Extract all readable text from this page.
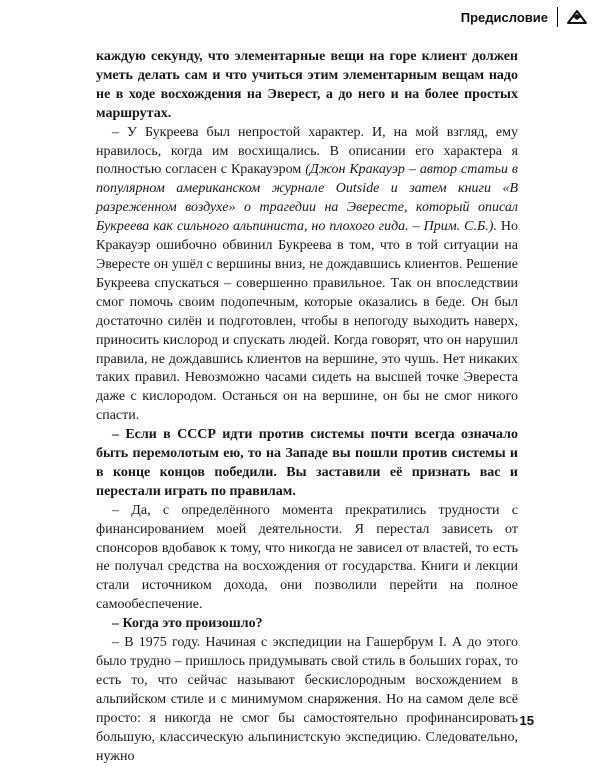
Предисловие

каждую секунду, что элементарные вещи на горе клиент должен уметь делать сам и что учиться этим элементарным вещам надо не в ходе восхождения на Эверест, а до него и на более простых маршрутах.

– У Букреева был непростой характер. И, на мой взгляд, ему нравилось, когда им восхищались. В описании его характера я полностью согласен с Кракауэром (Джон Кракауэр – автор статьи в популярном американском журнале Outside и затем книги «В разреженном воздухе» о трагедии на Эвересте, который описал Букреева как сильного альпиниста, но плохого гида. – Прим. С.Б.). Но Кракауэр ошибочно обвинил Букреева в том, что в той ситуации на Эвересте он ушёл с вершины вниз, не дождавшись клиентов. Решение Букреева спускаться – совершенно правильное. Так он впоследствии смог помочь своим подопечным, которые оказались в беде. Он был достаточно силён и подготовлен, чтобы в непогоду выходить наверх, приносить кислород и спускать людей. Когда говорят, что он нарушил правила, не дождавшись клиентов на вершине, это чушь. Нет никаких таких правил. Невозможно часами сидеть на высшей точке Эвереста даже с кислородом. Останься он на вершине, он бы не смог никого спасти.

– Если в СССР идти против системы почти всегда означало быть перемолотым ею, то на Западе вы пошли против системы и в конце концов победили. Вы заставили её признать вас и перестали играть по правилам.

– Да, с определённого момента прекратились трудности с финансированием моей деятельности. Я перестал зависеть от спонсоров вдобавок к тому, что никогда не зависел от властей, то есть не получал средства на восхождения от государства. Книги и лекции стали источником дохода, они позволили перейти на полное самообеспечение.

– Когда это произошло?

– В 1975 году. Начиная с экспедиции на Гашербрум I. А до этого было трудно – пришлось придумывать свой стиль в больших горах, то есть то, что сейчас называют бескислородным восхождением в альпийском стиле и с минимумом снаряжения. Но на самом деле всё просто: я никогда не смог бы самостоятельно профинансировать большую, классическую альпинистскую экспедицию. Следовательно, нужно

15
